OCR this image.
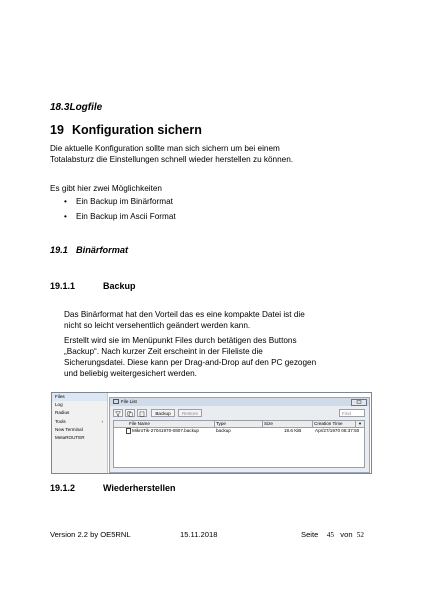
18.3Logfile
19 Konfiguration sichern
Die aktuelle Konfiguration sollte man sich sichern um bei einem
Totalabsturz die Einstellungen schnell wieder herstellen zu können.
Es gibt hier zwei Möglichkeiten
• Ein Backup im Binärformat
• Ein Backup im Ascii Format
19.1 Binärformat
19.1.1	Backup
Das Binärformat hat den Vorteil das es eine kompakte Datei ist die
nicht so leicht versehentlich geändert werden kann.
Erstellt wird sie im Menüpunkt Files durch betätigen des Buttons
„Backup“. Nach kurzer Zeit erscheint in der Fileliste die
Sicherungsdatei. Diese kann per Drag-and-Drop auf den PC gezogen
und beliebig weitergesichert werden.
Files
Log
Radius
Tools	›
New Terminal
MetaROUTER
File List
Backup	Restore	Find
File Name	Type	Size	Creation Time	▾
MikroTik-27041970-0807.backup	backup	18.6 KiB	Apr/27/1970 08:37:50
19.1.2	Wiederherstellen
Version 2.2 by OE5RNL	15.11.2018	Seite 45 von 52
